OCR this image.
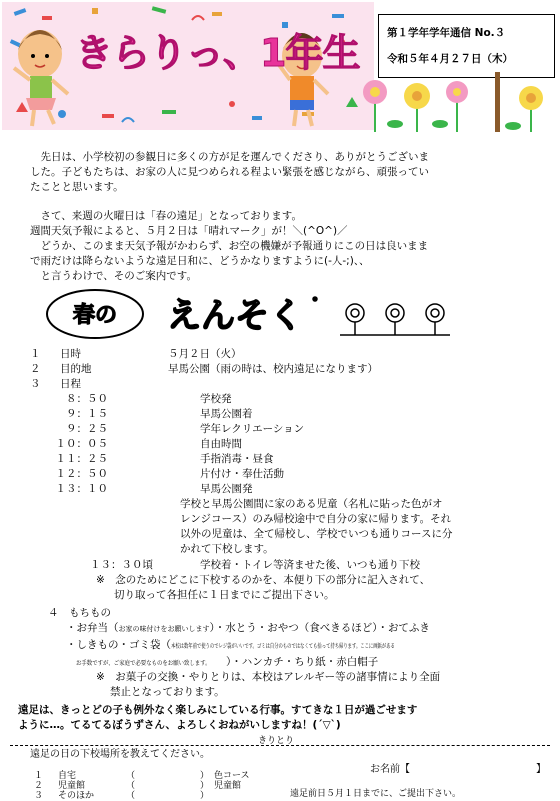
きらりっ、1年生	第１学年学年通信 No.３
令和５年４月２７日（木）
　先日は、小学校初の参観日に多くの方が足を運んでくださり、ありがとうございま
した。子どもたちは、お家の人に見つめられる程よい緊張を感じながら、頑張ってい
たことと思います。
　さて、来週の火曜日は「春の遠足」となっております。
週間天気予報によると、５月２日は「晴れマーク」が！＼(^O^)／
　どうか、このまま天気予報がかわらず、お空の機嫌が予報通りにこの日は良いまま
で雨だけは降らないような遠足日和に、どうかなりますように(-人-;)、、
　と言うわけで、そのご案内です。
春の えんそく
１ 日時	５月２日（火）
２ 目的地	早馬公園（雨の時は、校内遠足になります）
３ 日程
８：５０	学校発
９：１５	早馬公園着
９：２５	学年レクリエーション
１０：０５	自由時間
１１：２５	手指消毒・昼食
１２：５０	片付け・奉仕活動
１３：１０	早馬公園発
学校と早馬公園間に家のある児童（名札に貼った色がオ
レンジコース）のみ帰校途中で自分の家に帰ります。それ
以外の児童は、全て帰校し、学校でいつも通りコースに分
かれて下校します。
１３：３０頃	学校着・トイレ等済ませた後、いつも通り下校
※　念のためにどこに下校するのかを、本便り下の部分に記入されて、
切り取って各担任に１日までにご提出下さい。
４　もちもの
・お弁当（お家の味付けをお願いします）・水とう・おやつ（食べきるほど）・おてふき
・しきもの・ゴミ袋（本校は数年前で使うのでレジ袋がいいです。ゴミは自分のものではなくても拾って持ち帰ります。ここに画鋲がある
お手数ですが、ご家庭で必要なものをお願い致します。 ）・ハンカチ・ちり紙・赤白帽子
※　お菓子の交換・やりとりは、本校はアレルギー等の諸事情により全面
禁止となっております。
遠足は、きっとどの子も例外なく楽しみにしている行事。すてきな１日が過ごせます
ように…。てるてるぼうずさん、よろしくおねがいしますね！(´▽`)
きりとり
遠足の日の下校場所を教えてください。
お名前【	】
１ 自宅	（	） 色コース
２ 児童館	（	） 児童館
３ そのほか	（	）	遠足前日５月１日までに、ご提出下さい。
